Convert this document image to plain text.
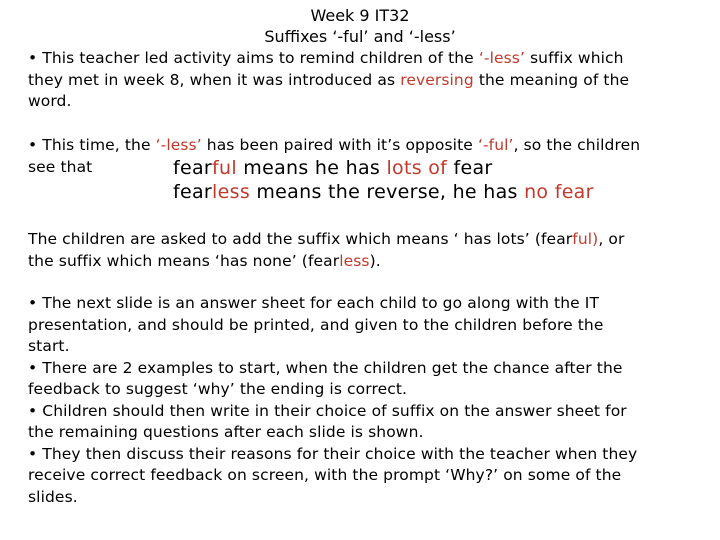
Week 9 IT32
Suffixes ‘-ful’ and ‘-less’
• This teacher led activity aims to remind children of the ‘-less’ suffix which
they met in week 8, when it was introduced as reversing the meaning of the
word.
• This time, the ‘-less’ has been paired with it’s opposite ‘-ful’, so the children
see that	fearful means he has lots of fear
fearless means the reverse, he has no fear
The children are asked to add the suffix which means ‘ has lots’ (fearful), or
the suffix which means ‘has none’ (fearless).
• The next slide is an answer sheet for each child to go along with the IT
presentation, and should be printed, and given to the children before the
start.
• There are 2 examples to start, when the children get the chance after the
feedback to suggest ‘why’ the ending is correct.
• Children should then write in their choice of suffix on the answer sheet for
the remaining questions after each slide is shown.
• They then discuss their reasons for their choice with the teacher when they
receive correct feedback on screen, with the prompt ‘Why?’ on some of the
slides.
